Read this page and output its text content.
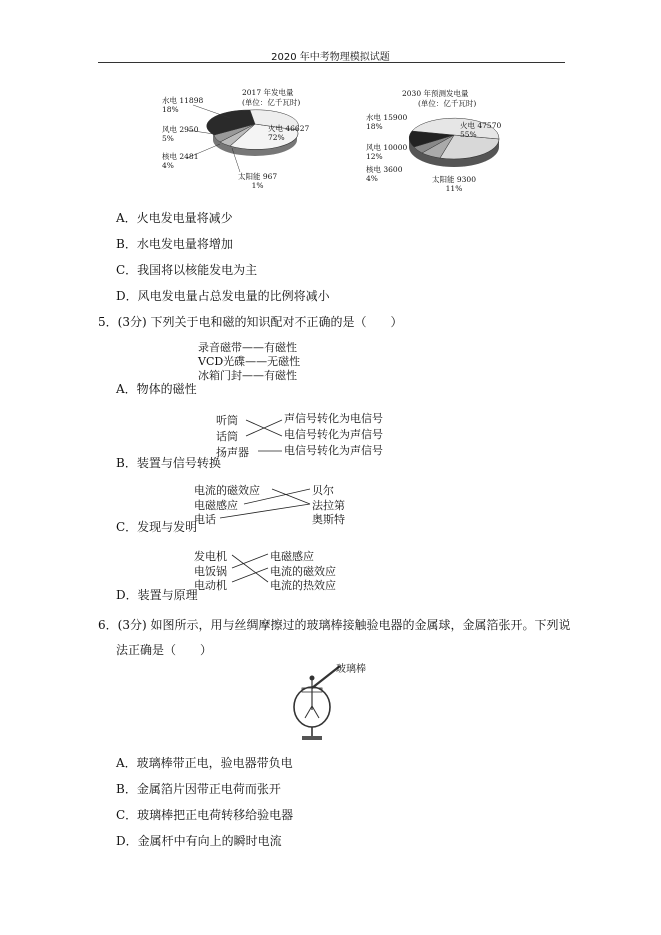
2020 年中考物理模拟试题
2017 年发电量
(单位：亿千瓦时)
水电 11898
18%
风电 2950
5%
核电 2481
4%
太阳能 967
1%
火电 46627
72%
2030 年预测发电量
(单位：亿千瓦时)
水电 15900
18%
风电 10000
12%
核电 3600
4%	太阳能 9300
11%
火电 47570
55%
A．火电发电量将减少
B．水电发电量将增加
C．我国将以核能发电为主
D．风电发电量占总发电量的比例将减小
5．(3分) 下列关于电和磁的知识配对不正确的是（　　）
录音磁带——有磁性
VCD光碟——无磁性
冰箱门封——有磁性
A．物体的磁性
听筒
话筒
扬声器
声信号转化为电信号
电信号转化为声信号
电信号转化为声信号
B．装置与信号转换
电流的磁效应
电磁感应
电话
贝尔
法拉第
奥斯特
C．发现与发明
发电机
电饭锅
电动机
电磁感应
电流的磁效应
电流的热效应
D．装置与原理
6．(3分) 如图所示，用与丝绸摩擦过的玻璃棒接触验电器的金属球，金属箔张开。下列说
法正确是（　　）
玻璃棒
A．玻璃棒带正电，验电器带负电
B．金属箔片因带正电荷而张开
C．玻璃棒把正电荷转移给验电器
D．金属杆中有向上的瞬时电流
